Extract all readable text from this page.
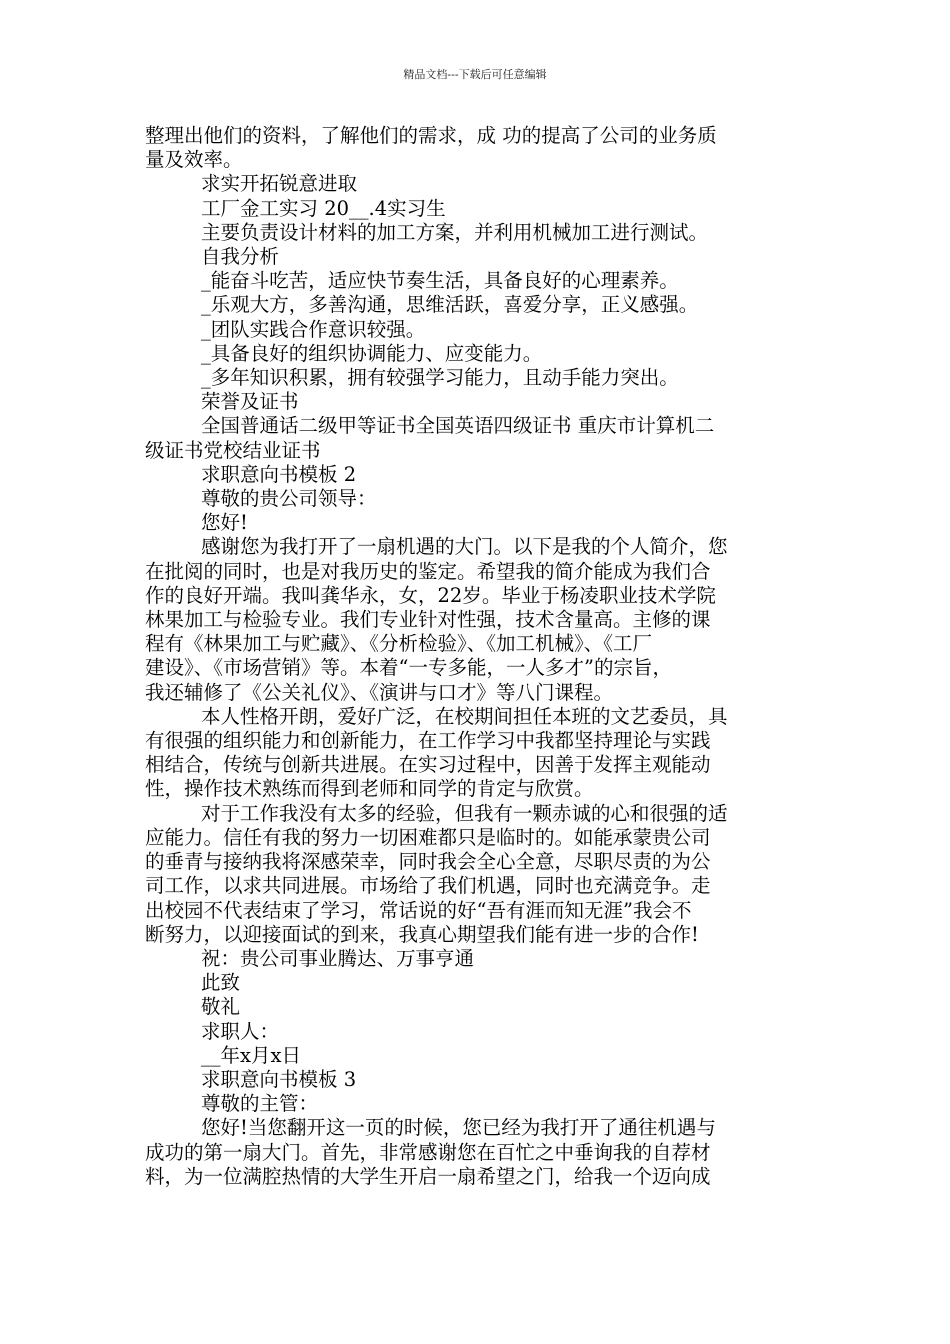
精品文档---下载后可任意编辑
整理出他们的资料，了解他们的需求，成 功的提高了公司的业务质
量及效率。
求实开拓锐意进取
工厂金工实习 20__.4实习生
主要负责设计材料的加工方案，并利用机械加工进行测试。
自我分析
_能奋斗吃苦，适应快节奏生活，具备良好的心理素养。
_乐观大方，多善沟通，思维活跃，喜爱分享，正义感强。
_团队实践合作意识较强。
_具备良好的组织协调能力、应变能力。
_多年知识积累，拥有较强学习能力，且动手能力突出。
荣誉及证书
全国普通话二级甲等证书全国英语四级证书 重庆市计算机二
级证书党校结业证书
求职意向书模板 2
尊敬的贵公司领导：
您好!
感谢您为我打开了一扇机遇的大门。以下是我的个人简介，您
在批阅的同时，也是对我历史的鉴定。希望我的简介能成为我们合
作的良好开端。我叫龚华永，女，22岁。毕业于杨凌职业技术学院
林果加工与检验专业。我们专业针对性强，技术含量高。主修的课
程有《林果加工与贮藏》、《分析检验》、《加工机械》、《工厂
建设》、《市场营销》等。本着“一专多能，一人多才”的宗旨，
我还辅修了《公关礼仪》、《演讲与口才》等八门课程。
本人性格开朗，爱好广泛，在校期间担任本班的文艺委员，具
有很强的组织能力和创新能力，在工作学习中我都坚持理论与实践
相结合，传统与创新共进展。在实习过程中，因善于发挥主观能动
性，操作技术熟练而得到老师和同学的肯定与欣赏。
对于工作我没有太多的经验，但我有一颗赤诚的心和很强的适
应能力。信任有我的努力一切困难都只是临时的。如能承蒙贵公司
的垂青与接纳我将深感荣幸，同时我会全心全意，尽职尽责的为公
司工作，以求共同进展。市场给了我们机遇，同时也充满竞争。走
出校园不代表结束了学习，常话说的好“吾有涯而知无涯”我会不
断努力，以迎接面试的到来，我真心期望我们能有进一步的合作!
祝：贵公司事业腾达、万事亨通
此致
敬礼
求职人：
__年x月x日
求职意向书模板 3
尊敬的主管：
您好!当您翻开这一页的时候，您已经为我打开了通往机遇与
成功的第一扇大门。首先，非常感谢您在百忙之中垂询我的自荐材
料，为一位满腔热情的大学生开启一扇希望之门，给我一个迈向成
